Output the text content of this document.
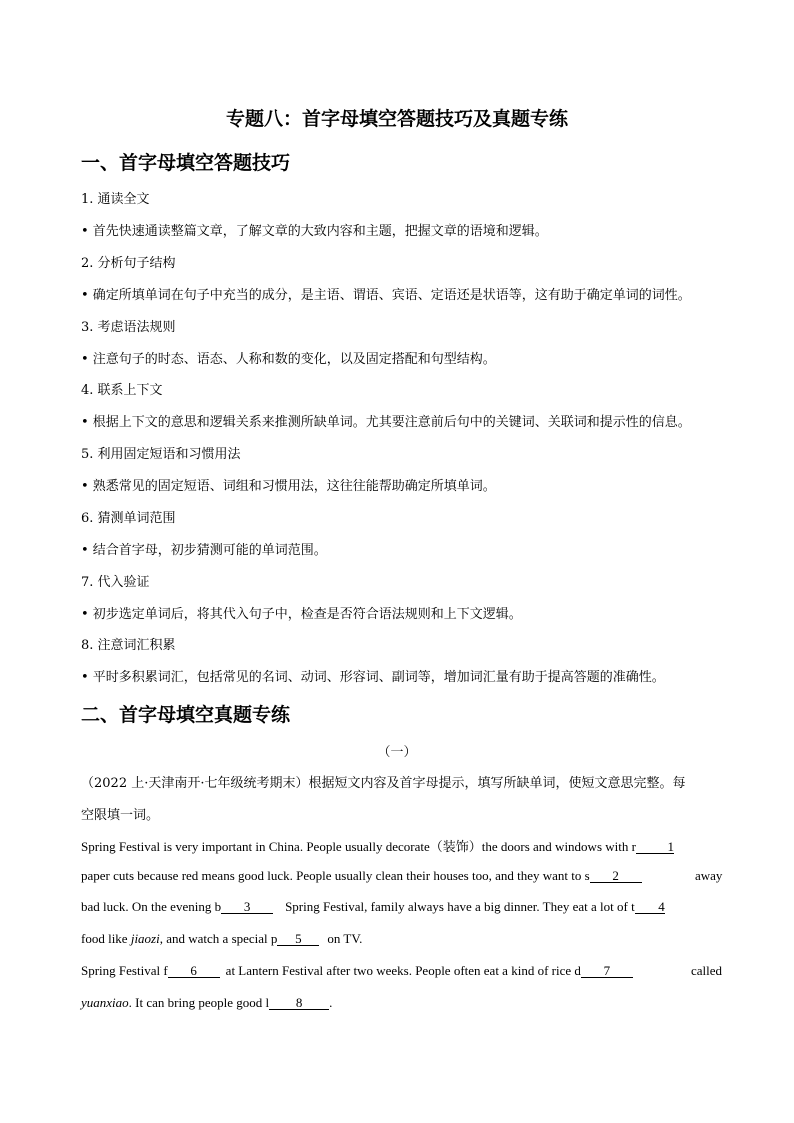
专题八：首字母填空答题技巧及真题专练
一、首字母填空答题技巧
1. 通读全文
• 首先快速通读整篇文章，了解文章的大致内容和主题，把握文章的语境和逻辑。
2. 分析句子结构
• 确定所填单词在句子中充当的成分，是主语、谓语、宾语、定语还是状语等，这有助于确定单词的词性。
3. 考虑语法规则
• 注意句子的时态、语态、人称和数的变化，以及固定搭配和句型结构。
4. 联系上下文
• 根据上下文的意思和逻辑关系来推测所缺单词。尤其要注意前后句中的关键词、关联词和提示性的信息。
5. 利用固定短语和习惯用法
• 熟悉常见的固定短语、词组和习惯用法，这往往能帮助确定所填单词。
6. 猜测单词范围
• 结合首字母，初步猜测可能的单词范围。
7. 代入验证
• 初步选定单词后，将其代入句子中，检查是否符合语法规则和上下文逻辑。
8. 注意词汇积累
• 平时多积累词汇，包括常见的名词、动词、形容词、副词等，增加词汇量有助于提高答题的准确性。
二、首字母填空真题专练
（一）
（2022 上·天津南开·七年级统考期末）根据短文内容及首字母提示，填写所缺单词，使短文意思完整。每
空限填一词。
Spring Festival is very important in China. People usually decorate（装饰）the doors and windows with r 1
paper cuts because red means good luck. People usually clean their houses too, and they want to s 2	away
bad luck. On the evening b 3	Spring Festival, family always have a big dinner. They eat a lot of t 4
food like jiaozi, and watch a special p 5 on TV.
Spring Festival f 6 at Lantern Festival after two weeks. People often eat a kind of rice d 7	called
yuanxiao. It can bring people good l 8 .
